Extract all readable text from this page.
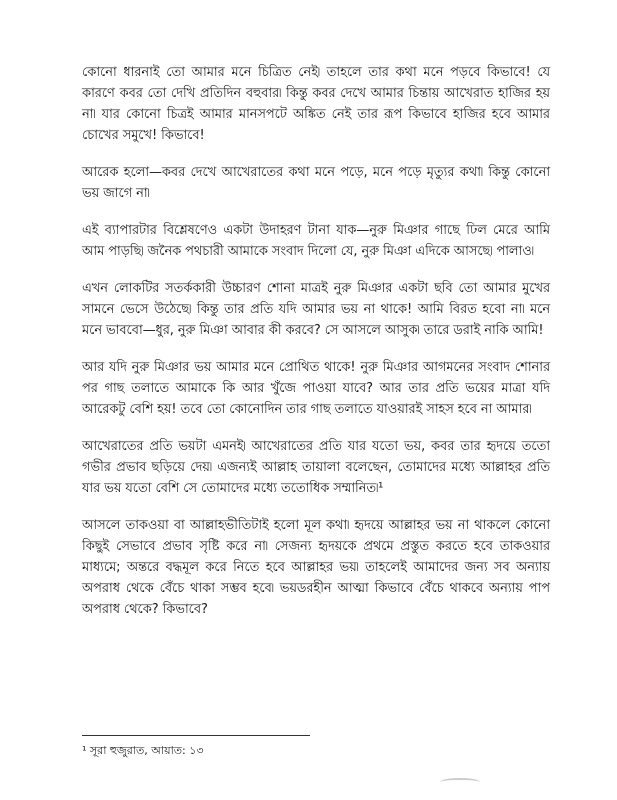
কোনো ধারনাই তো আমার মনে চিত্রিত নেই৷ তাহলে তার কথা মনে পড়বে কিভাবে! যে কারণে কবর তো দেখি প্রতিদিন বহুবার৷ কিন্তু কবর দেখে আমার চিন্তায় আখেরাত হাজির হয় না৷ যার কোনো চিত্রই আমার মানসপটে অঙ্কিত নেই তার রূপ কিভাবে হাজির হবে আমার চোখের সমুখে! কিভাবে!

আরেক হলো—কবর দেখে আখেরাতের কথা মনে পড়ে, মনে পড়ে মৃত্যুর কথা৷ কিন্তু কোনো ভয় জাগে না৷

এই ব্যাপারটার বিশ্লেষণেও একটা উদাহরণ টানা যাক—নুরু মিঞার গাছে ঢিল মেরে আমি আম পাড়ছি৷ জনৈক পথচারী আমাকে সংবাদ দিলো যে, নুরু মিঞা এদিকে আসছে৷ পালাও৷

এখন লোকটির সতর্ককারী উচ্চারণ শোনা মাত্রই নুরু মিঞার একটা ছবি তো আমার মুখের সামনে ভেসে উঠেছে৷ কিন্তু তার প্রতি যদি আমার ভয় না থাকে! আমি বিরত হবো না৷ মনে মনে ভাববো—ধুর, নুরু মিঞা আবার কী করবে? সে আসলে আসুক৷ তারে ডরাই নাকি আমি!

আর যদি নুরু মিঞার ভয় আমার মনে প্রোথিত থাকে! নুরু মিঞার আগমনের সংবাদ শোনার পর গাছ তলাতে আমাকে কি আর খুঁজে পাওয়া যাবে? আর তার প্রতি ভয়ের মাত্রা যদি আরেকটু বেশি হয়! তবে তো কোনোদিন তার গাছ তলাতে যাওয়ারই সাহস হবে না আমার৷

আখেরাতের প্রতি ভয়টা এমনই৷ আখেরাতের প্রতি যার যতো ভয়, কবর তার হৃদয়ে ততো গভীর প্রভাব ছড়িয়ে দেয়৷ এজন্যই আল্লাহ তায়ালা বলেছেন, তোমাদের মধ্যে আল্লাহর প্রতি যার ভয় যতো বেশি সে তোমাদের মধ্যে ততোধিক সম্মানিত৷¹

আসলে তাকওয়া বা আল্লাহভীতিটাই হলো মূল কথা৷ হৃদয়ে আল্লাহর ভয় না থাকলে কোনো কিছুই সেভাবে প্রভাব সৃষ্টি করে না৷ সেজন্য হৃদয়কে প্রথমে প্রস্তুত করতে হবে তাকওয়ার মাধ্যমে; অন্তরে বদ্ধমূল করে নিতে হবে আল্লাহর ভয়৷ তাহলেই আমাদের জন্য সব অন্যায় অপরাধ থেকে বেঁচে থাকা সম্ভব হবে৷ ভয়ডরহীন আত্মা কিভাবে বেঁচে থাকবে অন্যায় পাপ অপরাধ থেকে? কিভাবে?

¹ সূরা হুজুরাত, আয়াত: ১৩
